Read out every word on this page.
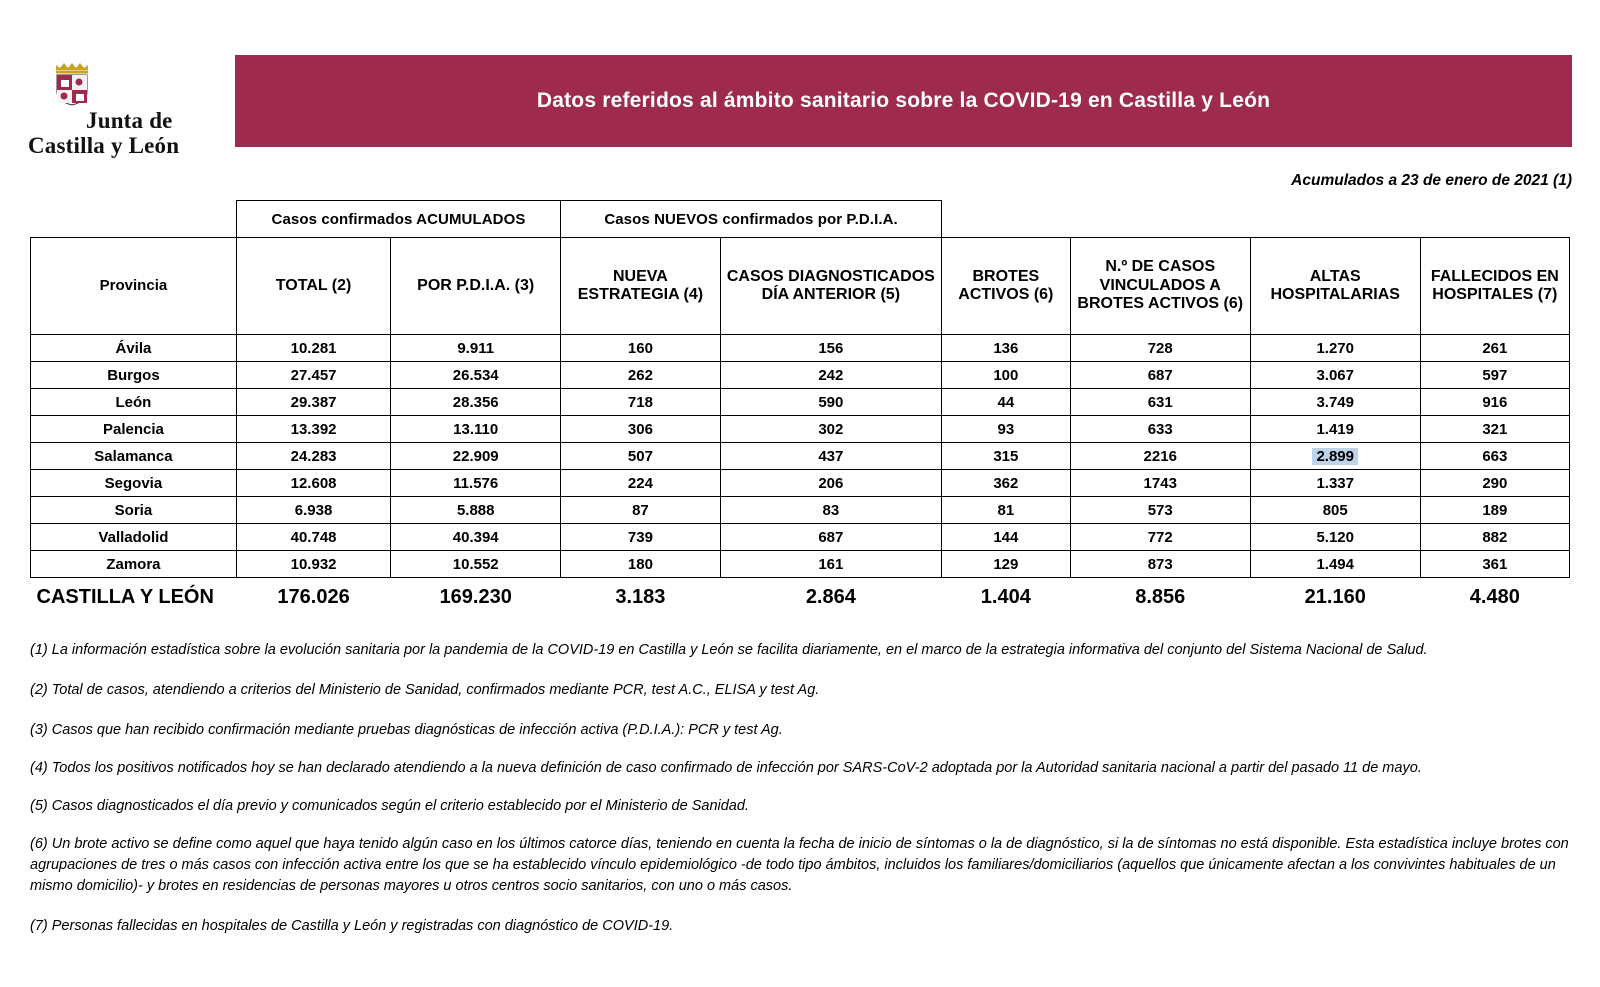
Junta de
Castilla y León
Datos referidos al ámbito sanitario sobre la COVID-19 en Castilla y León
Acumulados a 23 de enero de 2021 (1)
	Casos confirmados ACUMULADOS		Casos NUEVOS confirmados por P.D.I.A.					
Provincia	TOTAL (2)	POR P.D.I.A. (3)	NUEVA ESTRATEGIA (4)	CASOS DIAGNOSTICADOS DÍA ANTERIOR (5)	BROTES ACTIVOS (6)	N.º DE CASOS VINCULADOS A BROTES ACTIVOS (6)	ALTAS HOSPITALARIAS	FALLECIDOS EN HOSPITALES (7)
Ávila	10.281	9.911	160	156	136	728	1.270	261
Burgos	27.457	26.534	262	242	100	687	3.067	597
León	29.387	28.356	718	590	44	631	3.749	916
Palencia	13.392	13.110	306	302	93	633	1.419	321
Salamanca	24.283	22.909	507	437	315	2216	2.899	663
Segovia	12.608	11.576	224	206	362	1743	1.337	290
Soria	6.938	5.888	87	83	81	573	805	189
Valladolid	40.748	40.394	739	687	144	772	5.120	882
Zamora	10.932	10.552	180	161	129	873	1.494	361
CASTILLA Y LEÓN	176.026	169.230	3.183	2.864	1.404	8.856	21.160	4.480

(1) La información estadística sobre la evolución sanitaria por la pandemia de la COVID-19 en Castilla y León se facilita diariamente, en el marco de la estrategia informativa del conjunto del Sistema Nacional de Salud.

(2) Total de casos, atendiendo a criterios del Ministerio de Sanidad, confirmados mediante PCR, test A.C., ELISA y test Ag.

(3) Casos que han recibido confirmación mediante pruebas diagnósticas de infección activa (P.D.I.A.): PCR y test Ag.

(4) Todos los positivos notificados hoy se han declarado atendiendo a la nueva definición de caso confirmado de infección por SARS-CoV-2 adoptada por la Autoridad sanitaria nacional a partir del pasado 11 de mayo.

(5) Casos diagnosticados el día previo y comunicados según el criterio establecido por el Ministerio de Sanidad.

(6) Un brote activo se define como aquel que haya tenido algún caso en los últimos catorce días, teniendo en cuenta la fecha de inicio de síntomas o la de diagnóstico, si la de síntomas no está disponible. Esta estadística incluye brotes con agrupaciones de tres o más casos con infección activa entre los que se ha establecido vínculo epidemiológico -de todo tipo ámbitos, incluidos los familiares/domiciliarios (aquellos que únicamente afectan a los convivintes habituales de un mismo domicilio)- y brotes en residencias de personas mayores u otros centros socio sanitarios, con uno o más casos.

(7) Personas fallecidas en hospitales de Castilla y León y registradas con diagnóstico de COVID-19.
